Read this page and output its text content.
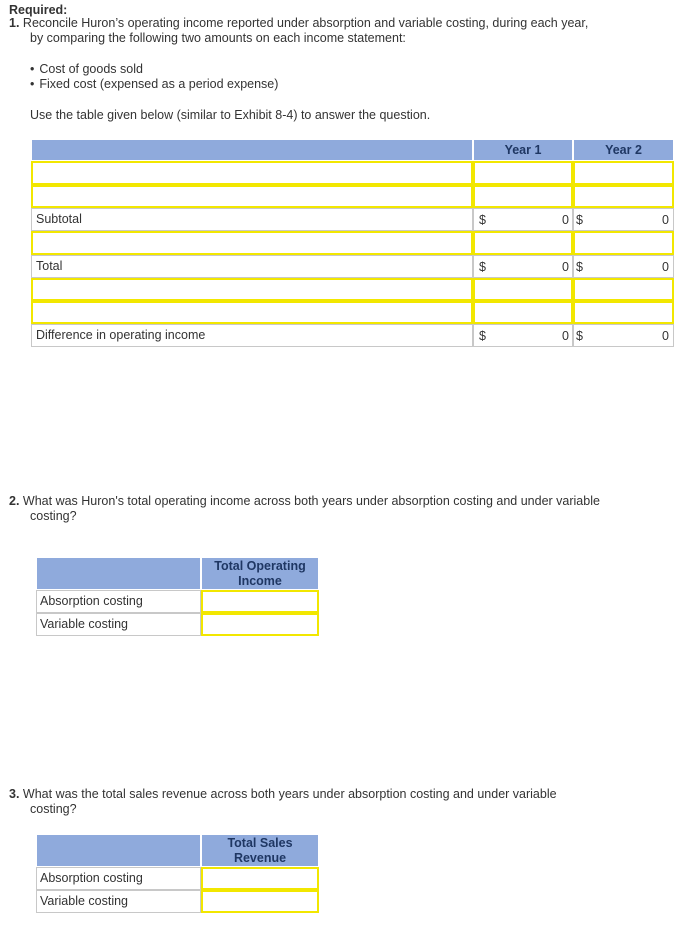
Required:
1. Reconcile Huron’s operating income reported under absorption and variable costing, during each year,
by comparing the following two amounts on each income statement:
• Cost of goods sold
• Fixed cost (expensed as a period expense)
Use the table given below (similar to Exhibit 8-4) to answer the question.
Year 1	Year 2
Subtotal	$	0 $	0
Total	$	0 $	0
Difference in operating income	$	0 $	0
2. What was Huron's total operating income across both years under absorption costing and under variable
costing?
Total Operating
Income
Absorption costing
Variable costing
3. What was the total sales revenue across both years under absorption costing and under variable
costing?
Total Sales
Revenue
Absorption costing
Variable costing
